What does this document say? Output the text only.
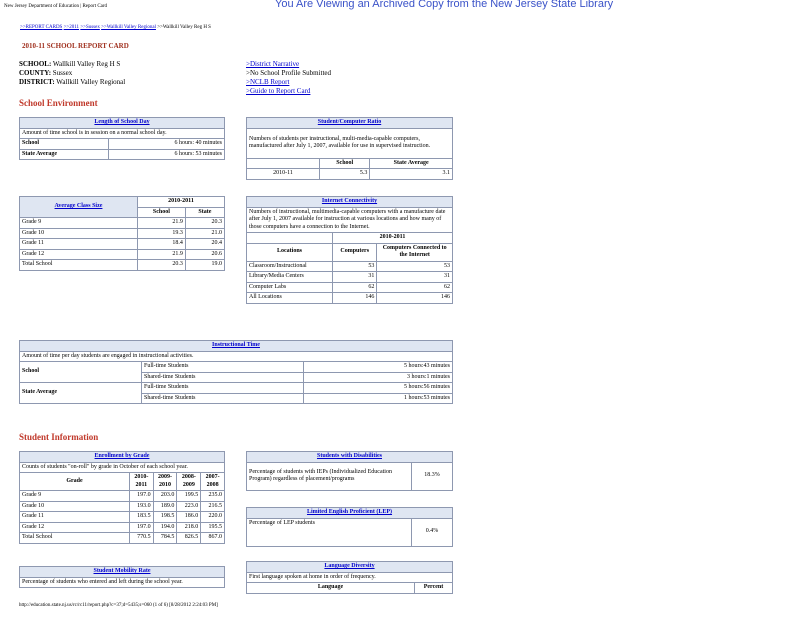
You Are Viewing an Archived Copy from the New Jersey State Library
New Jersey Department of Education | Report Card
>>REPORT CARDS >>2011 >>Sussex >>Wallkill Valley Regional >>Wallkill Valley Reg H S
2010-11 SCHOOL REPORT CARD
SCHOOL: Wallkill Valley Reg H S
COUNTY: Sussex
DISTRICT: Wallkill Valley Regional
>District Narrative
>No School Profile Submitted
>NCLB Report
>Guide to Report Card
School Environment
Length of School Day	
Amount of time school is in session on a normal school day.	
School	6 hours: 40 minutes
State Average	6 hours: 53 minutes
Student/Computer Ratio		
Numbers of students per instructional, multi-media-capable computers, manufactured after July 1, 2007, available for use in supervised instruction.		
	School	State Average
2010-11	5.3	3.1
Average Class Size	2010-2011	
	School	State
Grade 9	21.9	20.3
Grade 10	19.3	21.0
Grade 11	18.4	20.4
Grade 12	21.9	20.6
Total School	20.3	19.0
Internet Connectivity		
Numbers of instructional, multimedia-capable computers with a manufacture date after July 1, 2007 available for instruction at various locations and how many of those computers have a connection to the Internet.		
	2010-2011	
Locations	Computers	Computers Connected to the Internet
Classroom/Instructional	53	53
Library/Media Centers	31	31
Computer Labs	62	62
All Locations	146	146
Instructional Time		
Amount of time per day students are engaged in instructional activities.		
School	Full-time Students	5 hours:43 minutes
	Shared-time Students	3 hours:1 minutes
State Average	Full-time Students	5 hours:56 minutes
	Shared-time Students	1 hours:53 minutes
Student Information
Enrollment by Grade				
Counts of students "on-roll" by grade in October of each school year.				
Grade	2010-2011	2009-2010	2008-2009	2007-2008
Grade 9	197.0	203.0	199.5	235.0
Grade 10	193.0	189.0	223.0	216.5
Grade 11	183.5	198.5	186.0	220.0
Grade 12	197.0	194.0	218.0	195.5
Total School	770.5	784.5	826.5	867.0
Students with Disabilities
Percentage of students with IEPs (Individualized Education Program) regardless of placement/programs	18.3%
Limited English Proficient (LEP)
Percentage of LEP students	0.4%
Student Mobility Rate
Percentage of students who entered and left during the school year.
Language Diversity
First language spoken at home in order of frequency.
Language	Percent
http://education.state.nj.us/rc/rc11/report.php?c=37;d=5435;s=060 (1 of 6) [8/28/2012 2:24:03 PM]
